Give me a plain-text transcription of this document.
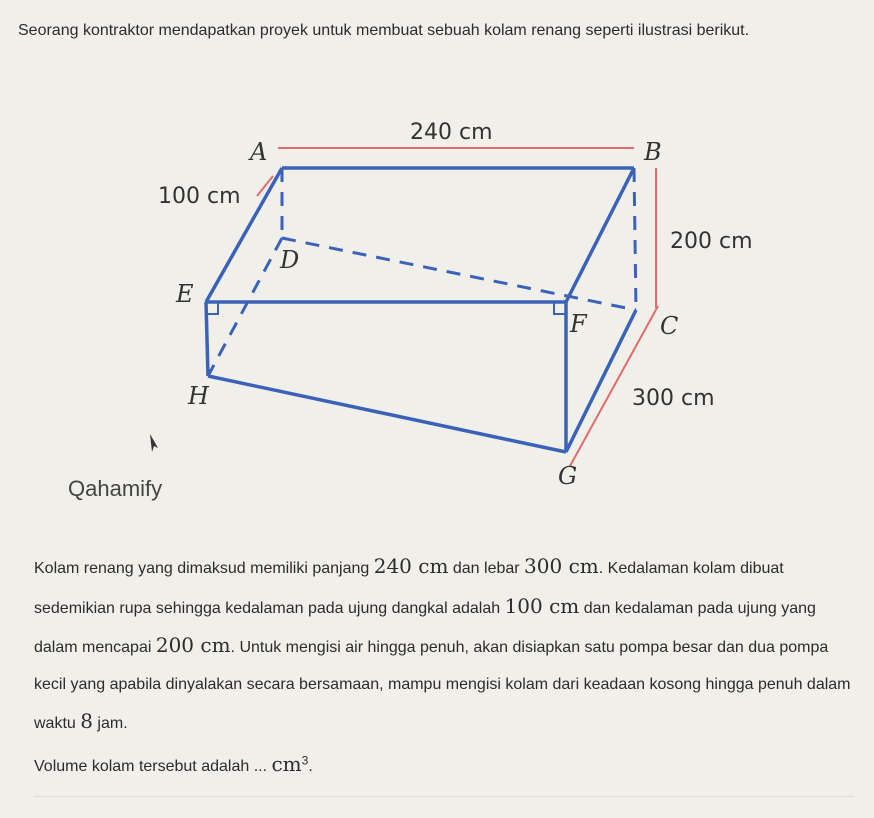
Seorang kontraktor mendapatkan proyek untuk membuat sebuah kolam renang seperti ilustrasi berikut.
240 cm
100 cm
200 cm
300 cm
A	B
C
D
E
F
G
H
Qahamify
Kolam renang yang dimaksud memiliki panjang 240 cm dan lebar 300 cm. Kedalaman kolam dibuat sedemikian rupa sehingga kedalaman pada ujung dangkal adalah 100 cm dan kedalaman pada ujung yang dalam mencapai 200 cm. Untuk mengisi air hingga penuh, akan disiapkan satu pompa besar dan dua pompa kecil yang apabila dinyalakan secara bersamaan, mampu mengisi kolam dari keadaan kosong hingga penuh dalam waktu 8 jam.
Volume kolam tersebut adalah ... $cm^3$.
